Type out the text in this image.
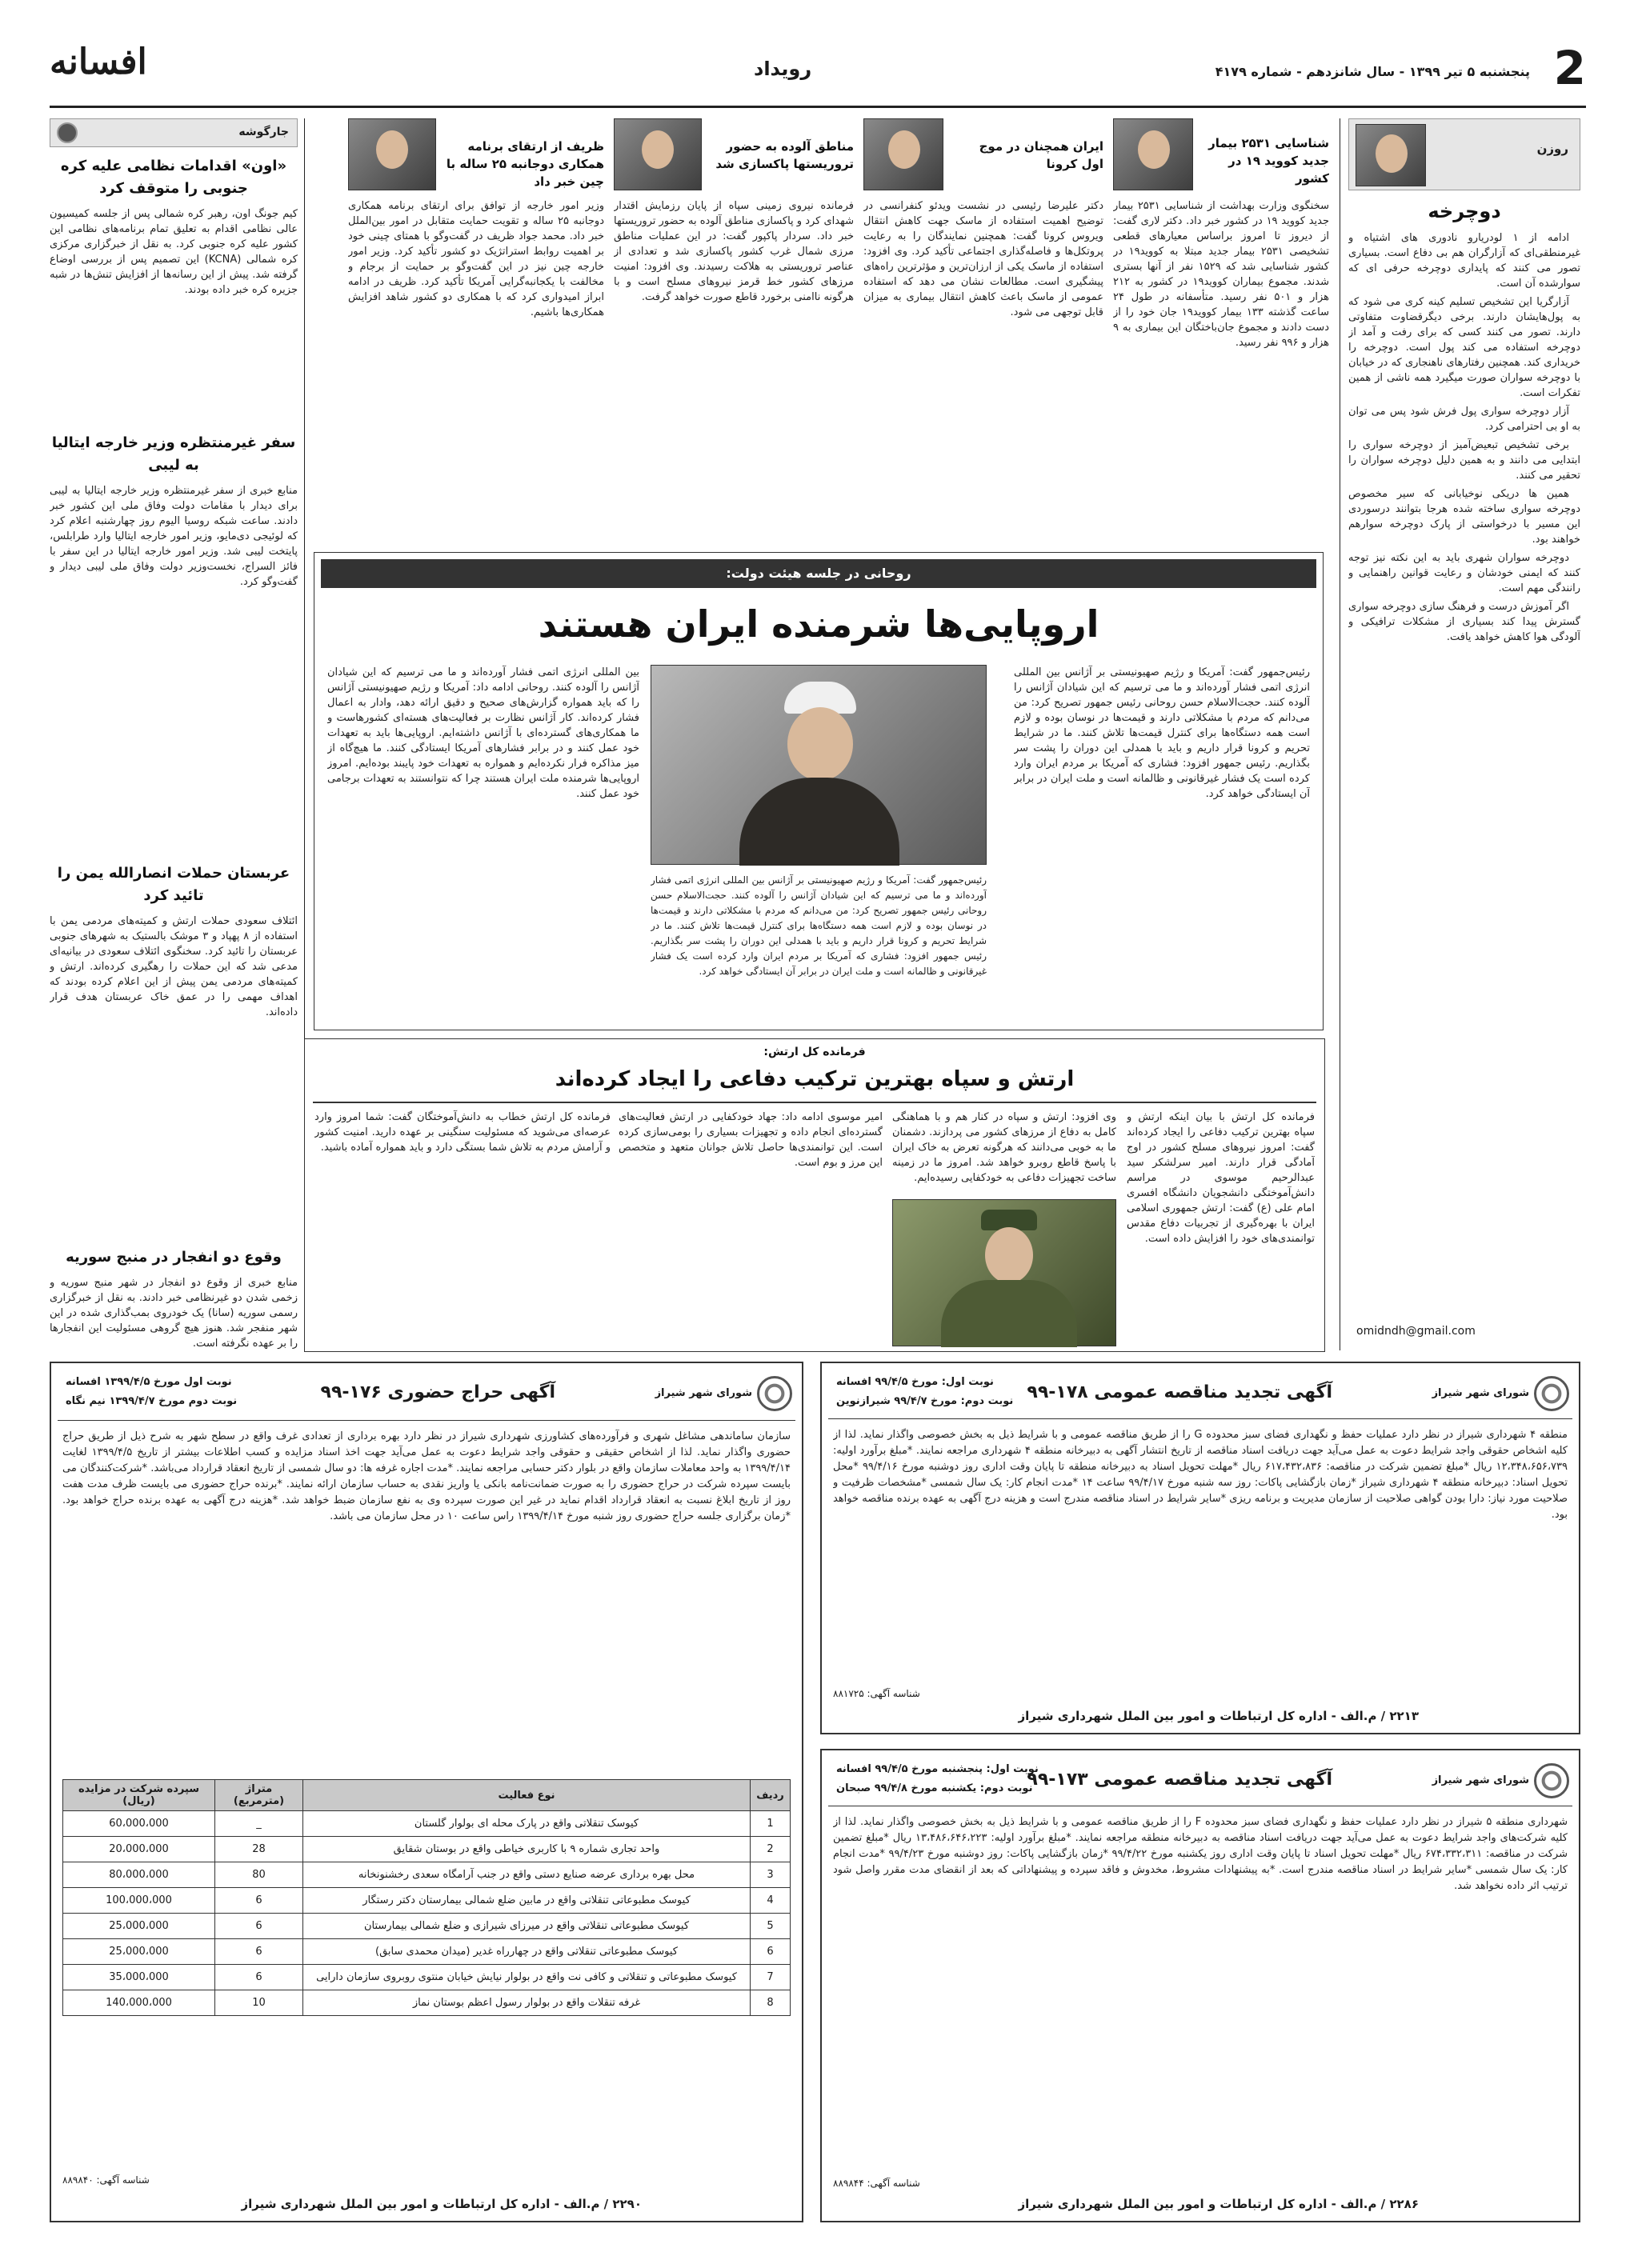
2
پنجشنبه ۵ تیر ۱۳۹۹ - سال شانزدهم - شماره ۴۱۷۹
رویداد
افسانه
روزن
دوچرخه

ادامه از ۱ لودریارو نادوری های اشتیاه و غیرمنطقی‌ای که آزارگران هم بی دفاع است. بسیاری تصور می کنند که پایداری دوچرخه حرفی ای که سوارشده آن است.

آزارگریا این تشخیص تسلیم کینه کری می شود که به پول‌هایشان دارند. برخی دیگرقضاوت متفاوتی دارند. تصور می کنند کسی که برای رفت و آمد از دوچرخه استفاده می کند پول است. دوچرخه را خریداری کند. همچنین رفتارهای ناهنجاری که در خیابان با دوچرخه سواران صورت میگیرد همه ناشی از همین تفکرات است.

آزار دوچرخه سواری پول فرش شود پس می توان به او بی احترامی کرد.

برخی تشخیص تبعیض‌آمیز از دوچرخه سواری را ابتدایی می دانند و به همین دلیل دوچرخه سواران را تحقیر می کنند.

همین ها دریکی نوخیابانی که سیر مخصوص دوچرخه سواری ساخته شده هرجا بتوانند درسوردی این مسیر با درخواستی از پارک دوچرخه سوارهم خواهند بود.

دوچرخه سواران شهری باید به این نکته نیز توجه کنند که ایمنی خودشان و رعایت قوانین راهنمایی و رانندگی مهم است.

اگر آموزش درست و فرهنگ سازی دوچرخه سواری گسترش پیدا کند بسیاری از مشکلات ترافیکی و آلودگی هوا کاهش خواهد یافت.

omidndh@gmail.com
شناسایی ۲۵۳۱ بیمار جدید کووید ۱۹ در کشور
سخنگوی وزارت بهداشت از شناسایی ۲۵۳۱ بیمار جدید کووید ۱۹ در کشور خبر داد. دکتر لاری گفت: از دیروز تا امروز براساس معیارهای قطعی تشخیصی ۲۵۳۱ بیمار جدید مبتلا به کووید۱۹ در کشور شناسایی شد که ۱۵۲۹ نفر از آنها بستری شدند. مجموع بیماران کووید۱۹ در کشور به ۲۱۲ هزار و ۵۰۱ نفر رسید. متأسفانه در طول ۲۴ ساعت گذشته ۱۳۳ بیمار کووید۱۹ جان خود را از دست دادند و مجموع جان‌باختگان این بیماری به ۹ هزار و ۹۹۶ نفر رسید.
ایران همچنان در موج اول کرونا
دکتر علیرضا رئیسی در نشست ویدئو کنفرانسی در توضیح اهمیت استفاده از ماسک جهت کاهش انتقال ویروس کرونا گفت: همچنین نمایندگان را به رعایت پروتکل‌ها و فاصله‌گذاری اجتماعی تأکید کرد. وی افزود: استفاده از ماسک یکی از ارزان‌ترین و مؤثرترین راه‌های پیشگیری است. مطالعات نشان می دهد که استفاده عمومی از ماسک باعث کاهش انتقال بیماری به میزان قابل توجهی می شود.
مناطق آلوده به حضور تروریستها پاکسازی شد
فرمانده نیروی زمینی سپاه از پایان رزمایش اقتدار شهدای کرد و پاکسازی مناطق آلوده به حضور تروریستها خبر داد. سردار پاکپور گفت: در این عملیات مناطق مرزی شمال غرب کشور پاکسازی شد و تعدادی از عناصر تروریستی به هلاکت رسیدند. وی افزود: امنیت مرزهای کشور خط قرمز نیروهای مسلح است و با هرگونه ناامنی برخورد قاطع صورت خواهد گرفت.
ظریف از ارتقای برنامه همکاری دوجانبه ۲۵ ساله با چین خبر داد
وزیر امور خارجه از توافق برای ارتقای برنامه همکاری دوجانبه ۲۵ ساله و تقویت حمایت متقابل در امور بین‌الملل خبر داد. محمد جواد ظریف در گفت‌وگو با همتای چینی خود بر اهمیت روابط استراتژیک دو کشور تأکید کرد. وزیر امور خارجه چین نیز در این گفت‌وگو بر حمایت از برجام و مخالفت با یکجانبه‌گرایی آمریکا تأکید کرد. ظریف در ادامه ابراز امیدواری کرد که با همکاری دو کشور شاهد افزایش همکاری‌ها باشیم.
جارگوشه
«اون» اقدامات نظامی علیه کره جنوبی را متوقف کرد
کیم جونگ اون، رهبر کره شمالی پس از جلسه کمیسیون عالی نظامی اقدام به تعلیق تمام برنامه‌های نظامی این کشور علیه کره جنوبی کرد. به نقل از خبرگزاری مرکزی کره شمالی (KCNA) این تصمیم پس از بررسی اوضاع گرفته شد. پیش از این رسانه‌ها از افزایش تنش‌ها در شبه جزیره کره خبر داده بودند.
سفر غیرمنتظره وزیر خارجه ایتالیا به لیبی
منابع خبری از سفر غیرمنتظره وزیر خارجه ایتالیا به لیبی برای دیدار با مقامات دولت وفاق ملی این کشور خبر دادند. ساعت شبکه روسیا الیوم روز چهارشنبه اعلام کرد که لوئیجی دی‌مایو، وزیر امور خارجه ایتالیا وارد طرابلس، پایتخت لیبی شد. وزیر امور خارجه ایتالیا در این سفر با فائز السراج، نخست‌وزیر دولت وفاق ملی لیبی دیدار و گفت‌وگو کرد.
عربستان حملات انصارالله یمن را تائید کرد
ائتلاف سعودی حملات ارتش و کمیته‌های مردمی یمن با استفاده از ۸ پهپاد و ۳ موشک بالستیک به شهرهای جنوبی عربستان را تائید کرد. سخنگوی ائتلاف سعودی در بیانیه‌ای مدعی شد که این حملات را رهگیری کرده‌اند. ارتش و کمیته‌های مردمی یمن پیش از این اعلام کرده بودند که اهداف مهمی را در عمق خاک عربستان هدف قرار داده‌اند.
وقوع دو انفجار در منبج سوریه
منابع خبری از وقوع دو انفجار در شهر منبج سوریه و زخمی شدن دو غیرنظامی خبر دادند. به نقل از خبرگزاری رسمی سوریه (سانا) یک خودروی بمب‌گذاری شده در این شهر منفجر شد. هنوز هیچ گروهی مسئولیت این انفجارها را بر عهده نگرفته است.
روحانی در جلسه هیئت دولت:
اروپایی‌ها شرمنده ایران هستند
رئیس‌جمهور گفت: آمریکا و رژیم صهیونیستی بر آژانس بین المللی انرژی اتمی فشار آورده‌اند و ما می ترسیم که این شیادان آژانس را آلوده کنند. حجت‌الاسلام حسن روحانی رئیس جمهور تصریح کرد: من می‌دانم که مردم با مشکلاتی دارند و قیمت‌ها در نوسان بوده و لازم است همه دستگاه‌ها برای کنترل قیمت‌ها تلاش کنند. ما در شرایط تحریم و کرونا قرار داریم و باید با همدلی این دوران را پشت سر بگذاریم. رئیس جمهور افزود: فشاری که آمریکا بر مردم ایران وارد کرده است یک فشار غیرقانونی و ظالمانه است و ملت ایران در برابر آن ایستادگی خواهد کرد.
رئیس‌جمهور گفت: آمریکا و رژیم صهیونیستی بر آژانس بین المللی انرژی اتمی فشار آورده‌اند و ما می ترسیم که این شیادان آژانس را آلوده کنند. حجت‌الاسلام حسن روحانی رئیس جمهور تصریح کرد: من می‌دانم که مردم با مشکلاتی دارند و قیمت‌ها در نوسان بوده و لازم است همه دستگاه‌ها برای کنترل قیمت‌ها تلاش کنند. ما در شرایط تحریم و کرونا قرار داریم و باید با همدلی این دوران را پشت سر بگذاریم. رئیس جمهور افزود: فشاری که آمریکا بر مردم ایران وارد کرده است یک فشار غیرقانونی و ظالمانه است و ملت ایران در برابر آن ایستادگی خواهد کرد.
بین المللی انرژی اتمی فشار آورده‌اند و ما می ترسیم که این شیادان آژانس را آلوده کنند. روحانی ادامه داد: آمریکا و رژیم صهیونیستی آژانس را که باید همواره گزارش‌های صحیح و دقیق ارائه دهد، وادار به اعمال فشار کرده‌اند. کار آژانس نظارت بر فعالیت‌های هسته‌ای کشورهاست و ما همکاری‌های گسترده‌ای با آژانس داشته‌ایم. اروپایی‌ها باید به تعهدات خود عمل کنند و در برابر فشارهای آمریکا ایستادگی کنند. ما هیچ‌گاه از میز مذاکره فرار نکرده‌ایم و همواره به تعهدات خود پایبند بوده‌ایم. امروز اروپایی‌ها شرمنده ملت ایران هستند چرا که نتوانستند به تعهدات برجامی خود عمل کنند.
فرمانده کل ارتش:
ارتش و سپاه بهترین ترکیب دفاعی را ایجاد کرده‌اند
فرمانده کل ارتش با بیان اینکه ارتش و سپاه بهترین ترکیب دفاعی را ایجاد کرده‌اند گفت: امروز نیروهای مسلح کشور در اوج آمادگی قرار دارند. امیر سرلشکر سید عبدالرحیم موسوی در مراسم دانش‌آموختگی دانشجویان دانشگاه افسری امام علی (ع) گفت: ارتش جمهوری اسلامی ایران با بهره‌گیری از تجربیات دفاع مقدس توانمندی‌های خود را افزایش داده است.
وی افزود: ارتش و سپاه در کنار هم و با هماهنگی کامل به دفاع از مرزهای کشور می پردازند. دشمنان ما به خوبی می‌دانند که هرگونه تعرض به خاک ایران با پاسخ قاطع روبرو خواهد شد. امروز ما در زمینه ساخت تجهیزات دفاعی به خودکفایی رسیده‌ایم.
امیر موسوی ادامه داد: جهاد خودکفایی در ارتش فعالیت‌های گسترده‌ای انجام داده و تجهیزات بسیاری را بومی‌سازی کرده است. این توانمندی‌ها حاصل تلاش جوانان متعهد و متخصص این مرز و بوم است.
فرمانده کل ارتش خطاب به دانش‌آموختگان گفت: شما امروز وارد عرصه‌ای می‌شوید که مسئولیت سنگینی بر عهده دارید. امنیت کشور و آرامش مردم به تلاش شما بستگی دارد و باید همواره آماده باشید.
شورای شهر شیراز
آگهی حراج حضوری ۱۷۶-۹۹
نوبت اول مورخ ۱۳۹۹/۴/۵ افسانه
نوبت دوم مورخ ۱۳۹۹/۴/۷ نیم نگاه
سازمان ساماندهی مشاغل شهری و فرآورده‌های کشاورزی شهرداری شیراز در نظر دارد بهره برداری از تعدادی غرف واقع در سطح شهر به شرح ذیل از طریق حراج حضوری واگذار نماید. لذا از اشخاص حقیقی و حقوقی واجد شرایط دعوت به عمل می‌آید جهت اخذ اسناد مزایده و کسب اطلاعات بیشتر از تاریخ ۱۳۹۹/۴/۵ لغایت ۱۳۹۹/۴/۱۴ به واحد معاملات سازمان واقع در بلوار دکتر حسابی مراجعه نمایند. *مدت اجاره غرفه ها: دو سال شمسی از تاریخ انعقاد قرارداد می‌باشد. *شرکت‌کنندگان می بایست سپرده شرکت در حراج حضوری را به صورت ضمانت‌نامه بانکی یا واریز نقدی به حساب سازمان ارائه نمایند. *برنده حراج حضوری می بایست ظرف مدت هفت روز از تاریخ ابلاغ نسبت به انعقاد قرارداد اقدام نماید در غیر این صورت سپرده وی به نفع سازمان ضبط خواهد شد. *هزینه درج آگهی به عهده برنده حراج خواهد بود. *زمان برگزاری جلسه حراج حضوری روز شنبه مورخ ۱۳۹۹/۴/۱۴ راس ساعت ۱۰ در محل سازمان می باشد.
ردیف	نوع فعالیت	متراژ (مترمربع)	سپرده شرکت در مزایده (ریال)
1	کیوسک تنقلاتی واقع در پارک محله ای بولوار گلستان	_	60،000،000
2	واحد تجاری شماره ۹ با کاربری خیاطی واقع در بوستان شقایق	28	20،000،000
3	محل بهره برداری عرضه صنایع دستی واقع در جنب آرامگاه سعدی رخشنونخانه	80	80،000،000
4	کیوسک مطبوعاتی تنقلاتی واقع در مابین ضلع شمالی بیمارستان دکتر رستگار	6	100،000،000
5	کیوسک مطبوعاتی تنقلاتی واقع در میرزای شیرازی و ضلع شمالی بیمارستان	6	25،000،000
6	کیوسک مطبوعاتی تنقلاتی واقع در چهارراه غدیر (میدان محمدی سابق)	6	25،000،000
7	کیوسک مطبوعاتی و تنقلاتی و کافی نت واقع در بولوار نیایش خیابان منتوی روبروی سازمان دارایی	6	35،000،000
8	غرفه تنقلات واقع در بولوار رسول اعظم بوستان نماز	10	140،000،000
شناسه آگهی: ۸۸۹۸۴۰
۲۲۹۰ / م.الف - اداره کل ارتباطات و امور بین الملل شهرداری شیراز
شورای شهر شیراز
آگهی تجدید مناقصه عمومی ۱۷۸-۹۹
نوبت اول: مورخ ۹۹/۴/۵ افسانه
نوبت دوم: مورخ ۹۹/۴/۷ شیرازنوین
منطقه ۴ شهرداری شیراز در نظر دارد عملیات حفظ و نگهداری فضای سبز محدوده G را از طریق مناقصه عمومی و با شرایط ذیل به بخش خصوصی واگذار نماید. لذا از کلیه اشخاص حقوقی واجد شرایط دعوت به عمل می‌آید جهت دریافت اسناد مناقصه از تاریخ انتشار آگهی به دبیرخانه منطقه ۴ شهرداری مراجعه نمایند. *مبلغ برآورد اولیه: ۱۲،۳۴۸،۶۵۶،۷۳۹ ریال *مبلغ تضمین شرکت در مناقصه: ۶۱۷،۴۳۲،۸۳۶ ریال *مهلت تحویل اسناد به دبیرخانه منطقه تا پایان وقت اداری روز دوشنبه مورخ ۹۹/۴/۱۶ *محل تحویل اسناد: دبیرخانه منطقه ۴ شهرداری شیراز *زمان بازگشایی پاکات: روز سه شنبه مورخ ۹۹/۴/۱۷ ساعت ۱۴ *مدت انجام کار: یک سال شمسی *مشخصات ظرفیت و صلاحیت مورد نیاز: دارا بودن گواهی صلاحیت از سازمان مدیریت و برنامه ریزی *سایر شرایط در اسناد مناقصه مندرج است و هزینه درج آگهی به عهده برنده مناقصه خواهد بود.
شناسه آگهی: ۸۸۱۷۲۵
۲۲۱۳ / م.الف - اداره کل ارتباطات و امور بین الملل شهرداری شیراز
شورای شهر شیراز
آگهی تجدید مناقصه عمومی ۱۷۳-۹۹
نوبت اول: پنجشنبه مورخ ۹۹/۴/۵ افسانه
نوبت دوم: یکشنبه مورخ ۹۹/۴/۸ صبحان
شهرداری منطقه ۵ شیراز در نظر دارد عملیات حفظ و نگهداری فضای سبز محدوده F را از طریق مناقصه عمومی و با شرایط ذیل به بخش خصوصی واگذار نماید. لذا از کلیه شرکت‌های واجد شرایط دعوت به عمل می‌آید جهت دریافت اسناد مناقصه به دبیرخانه منطقه مراجعه نمایند. *مبلغ برآورد اولیه: ۱۳،۴۸۶،۶۴۶،۲۲۳ ریال *مبلغ تضمین شرکت در مناقصه: ۶۷۴،۳۳۲،۳۱۱ ریال *مهلت تحویل اسناد تا پایان وقت اداری روز یکشنبه مورخ ۹۹/۴/۲۲ *زمان بازگشایی پاکات: روز دوشنبه مورخ ۹۹/۴/۲۳ *مدت انجام کار: یک سال شمسی *سایر شرایط در اسناد مناقصه مندرج است. *به پیشنهادات مشروط، مخدوش و فاقد سپرده و پیشنهاداتی که بعد از انقضای مدت مقرر واصل شود ترتیب اثر داده نخواهد شد.
شناسه آگهی: ۸۸۹۸۴۴
۲۲۸۶ / م.الف - اداره کل ارتباطات و امور بین الملل شهرداری شیراز
